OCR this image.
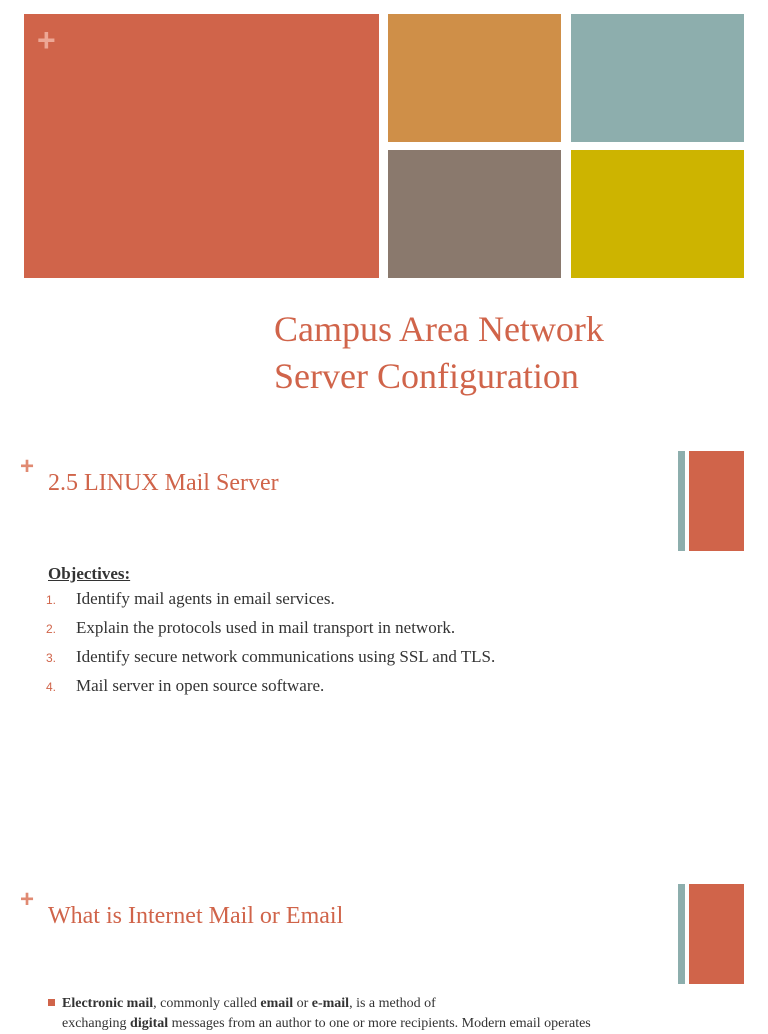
+
Campus Area Network
Server Configuration
+
2.5 LINUX Mail Server
Objectives:
1.	Identify mail agents in email services.
2.	Explain the protocols used in mail transport in network.
3.	Identify secure network communications using SSL and TLS.
4.	Mail server in open source software.
+
What is Internet Mail or Email
Electronic mail, commonly called email or e-mail, is a method of
exchanging digital messages from an author to one or more recipients. Modern email operates
